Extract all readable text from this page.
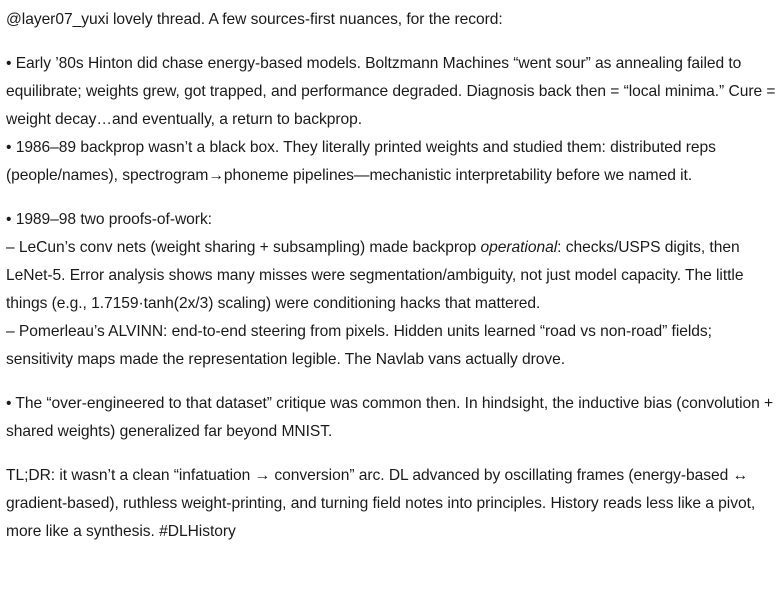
@layer07_yuxi lovely thread. A few sources-first nuances, for the record:
• Early ’80s Hinton did chase energy-based models. Boltzmann Machines “went sour” as annealing failed to equilibrate; weights grew, got trapped, and performance degraded. Diagnosis back then = “local minima.” Cure = weight decay…and eventually, a return to backprop.
• 1986–89 backprop wasn’t a black box. They literally printed weights and studied them: distributed reps (people/names), spectrogram→phoneme pipelines—mechanistic interpretability before we named it.
• 1989–98 two proofs-of-work:
– LeCun’s conv nets (weight sharing + subsampling) made backprop operational: checks/USPS digits, then LeNet-5. Error analysis shows many misses were segmentation/ambiguity, not just model capacity. The little things (e.g., 1.7159·tanh(2x/3) scaling) were conditioning hacks that mattered.
– Pomerleau’s ALVINN: end-to-end steering from pixels. Hidden units learned “road vs non-road” fields; sensitivity maps made the representation legible. The Navlab vans actually drove.
• The “over-engineered to that dataset” critique was common then. In hindsight, the inductive bias (convolution + shared weights) generalized far beyond MNIST.
TL;DR: it wasn’t a clean “infatuation → conversion” arc. DL advanced by oscillating frames (energy-based ↔ gradient-based), ruthless weight-printing, and turning field notes into principles. History reads less like a pivot, more like a synthesis. #DLHistory
